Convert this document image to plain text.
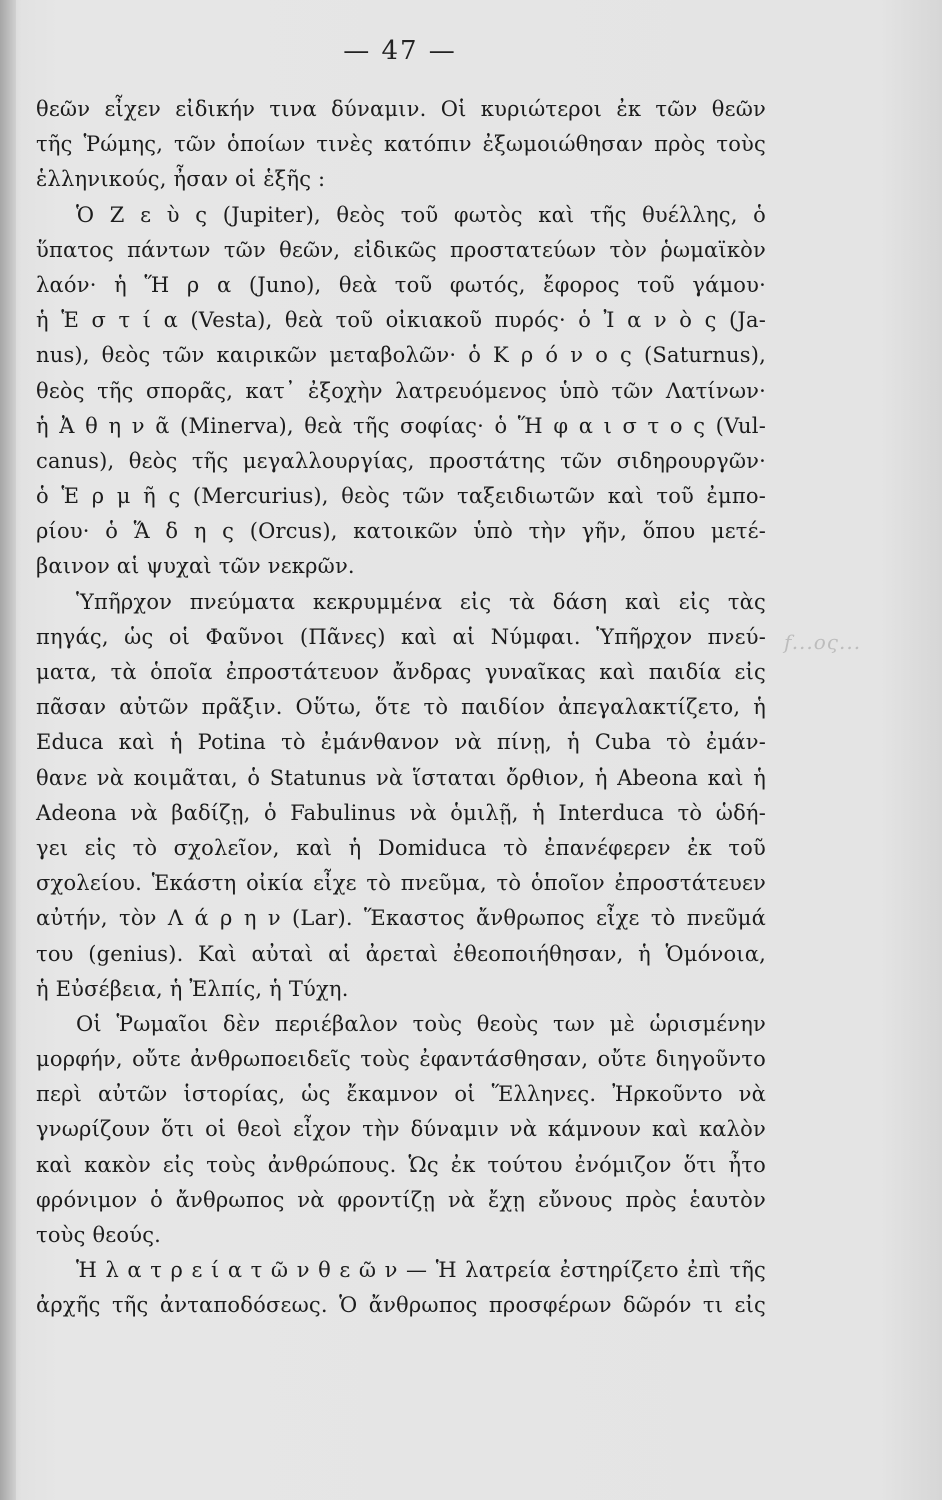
— 47 —
f...ος...
θεῶν εἶχεν εἰδικήν τινα δύναμιν. Οἱ κυριώτεροι ἐκ τῶν θεῶν
τῆς Ῥώμης, τῶν ὁποίων τινὲς κατόπιν ἐξωμοιώθησαν πρὸς τοὺς
ἑλληνικούς, ἦσαν οἱ ἑξῆς :
Ὁ Ζ ε ὺ ς (Jupiter), θεὸς τοῦ φωτὸς καὶ τῆς θυέλλης, ὁ
ὕπατος πάντων τῶν θεῶν, εἰδικῶς προστατεύων τὸν ῥωμαϊκὸν
λαόν· ἡ Ἥ ρ α (Juno), θεὰ τοῦ φωτός, ἔφορος τοῦ γάμου·
ἡ Ἑ σ τ ί α (Vesta), θεὰ τοῦ οἰκιακοῦ πυρός· ὁ Ἰ α ν ὸ ς (Ja-
nus), θεὸς τῶν καιρικῶν μεταβολῶν· ὁ Κ ρ ό ν ο ς (Saturnus),
θεὸς τῆς σπορᾶς, κατ᾽ ἐξοχὴν λατρευόμενος ὑπὸ τῶν Λατίνων·
ἡ Ἀ θ η ν ᾶ (Minerva), θεὰ τῆς σοφίας· ὁ Ἥ φ α ι σ τ ο ς (Vul-
canus), θεὸς τῆς μεγαλλουργίας, προστάτης τῶν σιδηρουργῶν·
ὁ Ἑ ρ μ ῆ ς (Mercurius), θεὸς τῶν ταξειδιωτῶν καὶ τοῦ ἐμπο-
ρίου· ὁ Ἅ δ η ς (Orcus), κατοικῶν ὑπὸ τὴν γῆν, ὅπου μετέ-
βαινον αἱ ψυχαὶ τῶν νεκρῶν.
Ὑπῆρχον πνεύματα κεκρυμμένα εἰς τὰ δάση καὶ εἰς τὰς
πηγάς, ὡς οἱ Φαῦνοι (Πᾶνες) καὶ αἱ Νύμφαι. Ὑπῆρχον πνεύ-
ματα, τὰ ὁποῖα ἐπροστάτευον ἄνδρας γυναῖκας καὶ παιδία εἰς
πᾶσαν αὐτῶν πρᾶξιν. Οὕτω, ὅτε τὸ παιδίον ἀπεγαλακτίζετο, ἡ
Educa καὶ ἡ Potina τὸ ἐμάνθανον νὰ πίνῃ, ἡ Cuba τὸ ἐμάν-
θανε νὰ κοιμᾶται, ὁ Statunus νὰ ἵσταται ὄρθιον, ἡ Abeona καὶ ἡ
Adeona νὰ βαδίζῃ, ὁ Fabulinus νὰ ὁμιλῇ, ἡ Interduca τὸ ὡδή-
γει εἰς τὸ σχολεῖον, καὶ ἡ Domiduca τὸ ἐπανέφερεν ἐκ τοῦ
σχολείου. Ἑκάστη οἰκία εἶχε τὸ πνεῦμα, τὸ ὁποῖον ἐπροστάτευεν
αὐτήν, τὸν Λ ά ρ η ν (Lar). Ἕκαστος ἄνθρωπος εἶχε τὸ πνεῦμά
του (genius). Καὶ αὐταὶ αἱ ἀρεταὶ ἐθεοποιήθησαν, ἡ Ὁμόνοια,
ἡ Εὐσέβεια, ἡ Ἐλπίς, ἡ Τύχη.
Οἱ Ῥωμαῖοι δὲν περιέβαλον τοὺς θεοὺς των μὲ ὡρισμένην
μορφήν, οὔτε ἀνθρωποειδεῖς τοὺς ἐφαντάσθησαν, οὔτε διηγοῦντο
περὶ αὐτῶν ἱστορίας, ὡς ἔκαμνον οἱ Ἕλληνες. Ἠρκοῦντο νὰ
γνωρίζουν ὅτι οἱ θεοὶ εἶχον τὴν δύναμιν νὰ κάμνουν καὶ καλὸν
καὶ κακὸν εἰς τοὺς ἀνθρώπους. Ὡς ἐκ τούτου ἐνόμιζον ὅτι ἦτο
φρόνιμον ὁ ἄνθρωπος νὰ φροντίζῃ νὰ ἔχῃ εὔνους πρὸς ἑαυτὸν
τοὺς θεούς.
Ἡ λ α τ ρ ε ί α τ ῶ ν θ ε ῶ ν — Ἡ λατρεία ἐστηρίζετο ἐπὶ τῆς
ἀρχῆς τῆς ἀνταποδόσεως. Ὁ ἄνθρωπος προσφέρων δῶρόν τι εἰς
